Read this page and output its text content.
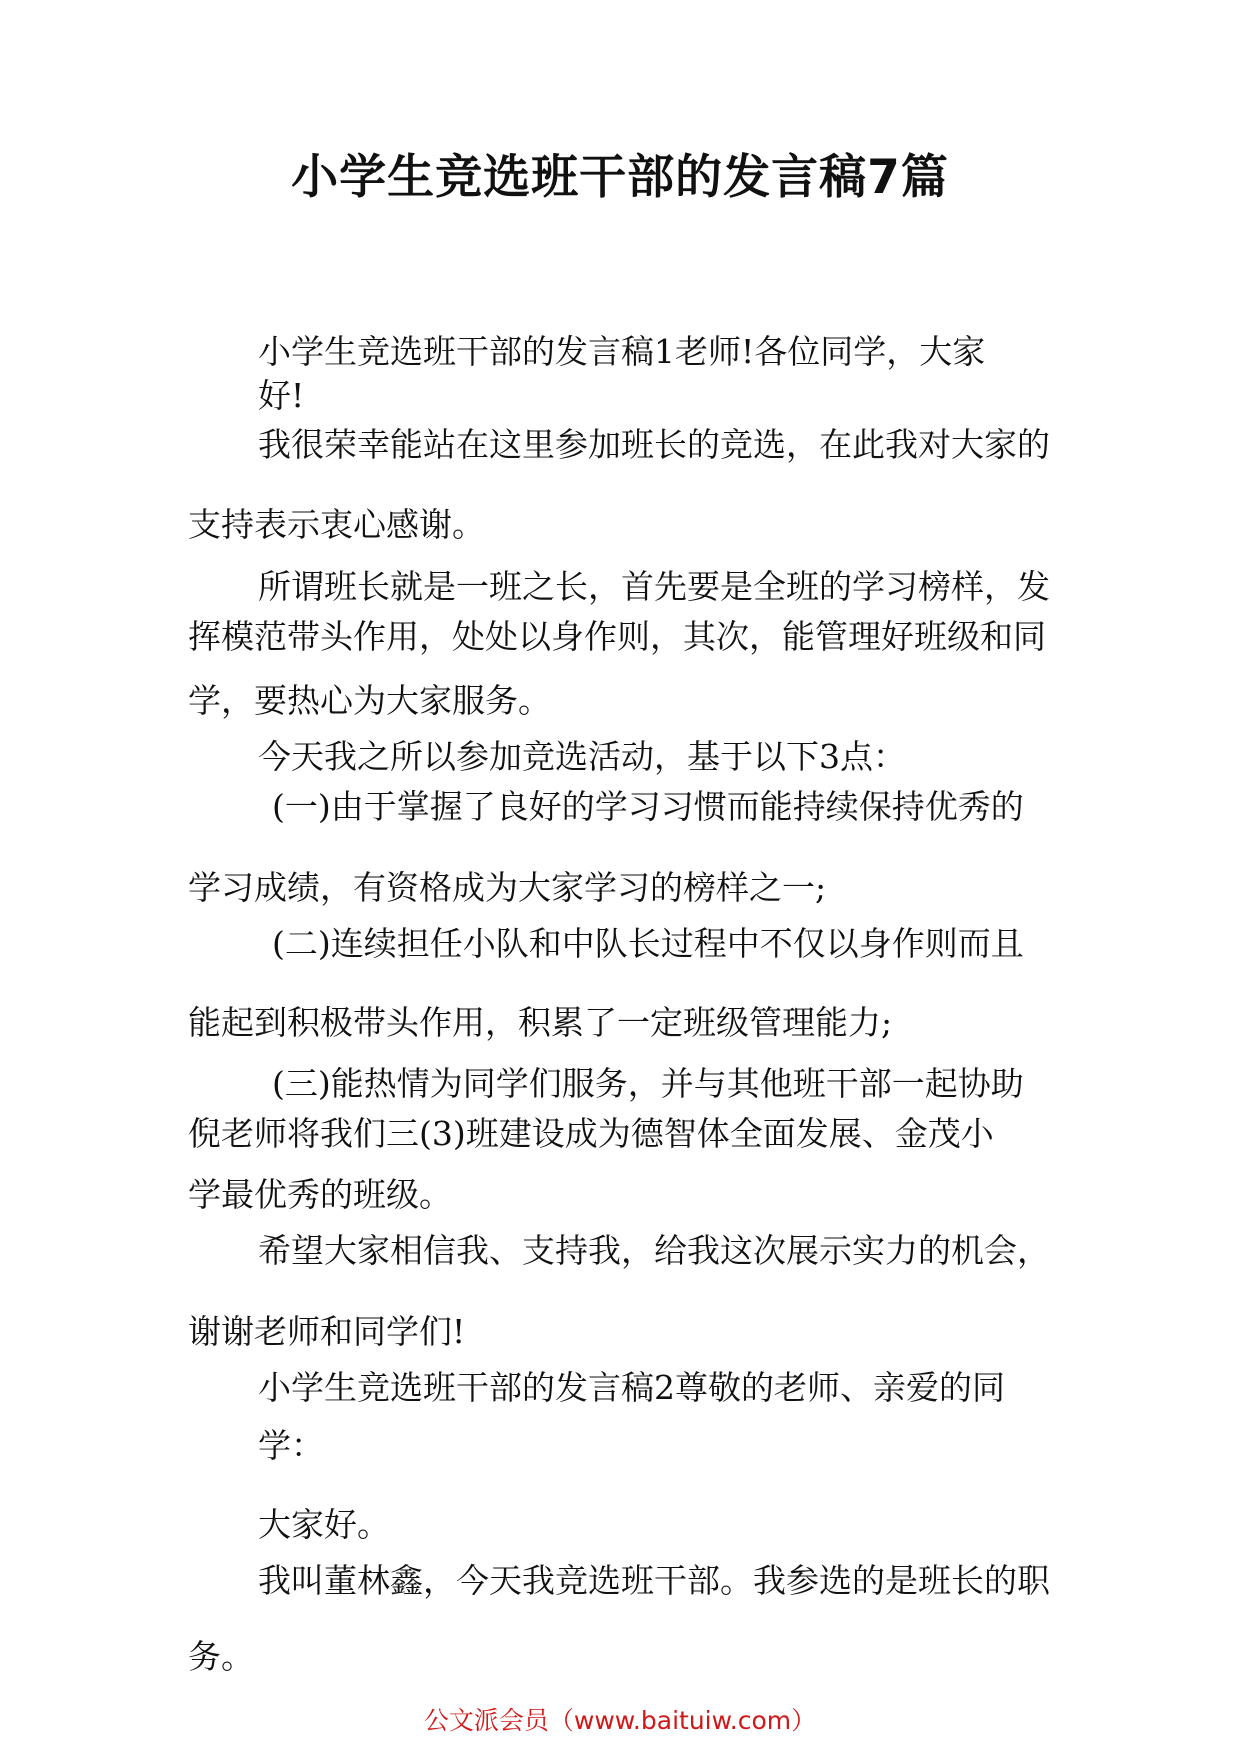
小学生竞选班干部的发言稿7篇

小学生竞选班干部的发言稿1老师!各位同学，大家

好!

我很荣幸能站在这里参加班长的竞选，在此我对大家的

支持表示衷心感谢。

所谓班长就是一班之长，首先要是全班的学习榜样，发

挥模范带头作用，处处以身作则，其次，能管理好班级和同

学，要热心为大家服务。

今天我之所以参加竞选活动，基于以下3点：

(一)由于掌握了良好的学习习惯而能持续保持优秀的

学习成绩，有资格成为大家学习的榜样之一;

(二)连续担任小队和中队长过程中不仅以身作则而且

能起到积极带头作用，积累了一定班级管理能力;

(三)能热情为同学们服务，并与其他班干部一起协助

倪老师将我们三(3)班建设成为德智体全面发展、金茂小

学最优秀的班级。

希望大家相信我、支持我，给我这次展示实力的机会，

谢谢老师和同学们!

小学生竞选班干部的发言稿2尊敬的老师、亲爱的同

学：

大家好。

我叫董林鑫，今天我竞选班干部。我参选的是班长的职

务。

公文派会员（www.baituiw.com）
